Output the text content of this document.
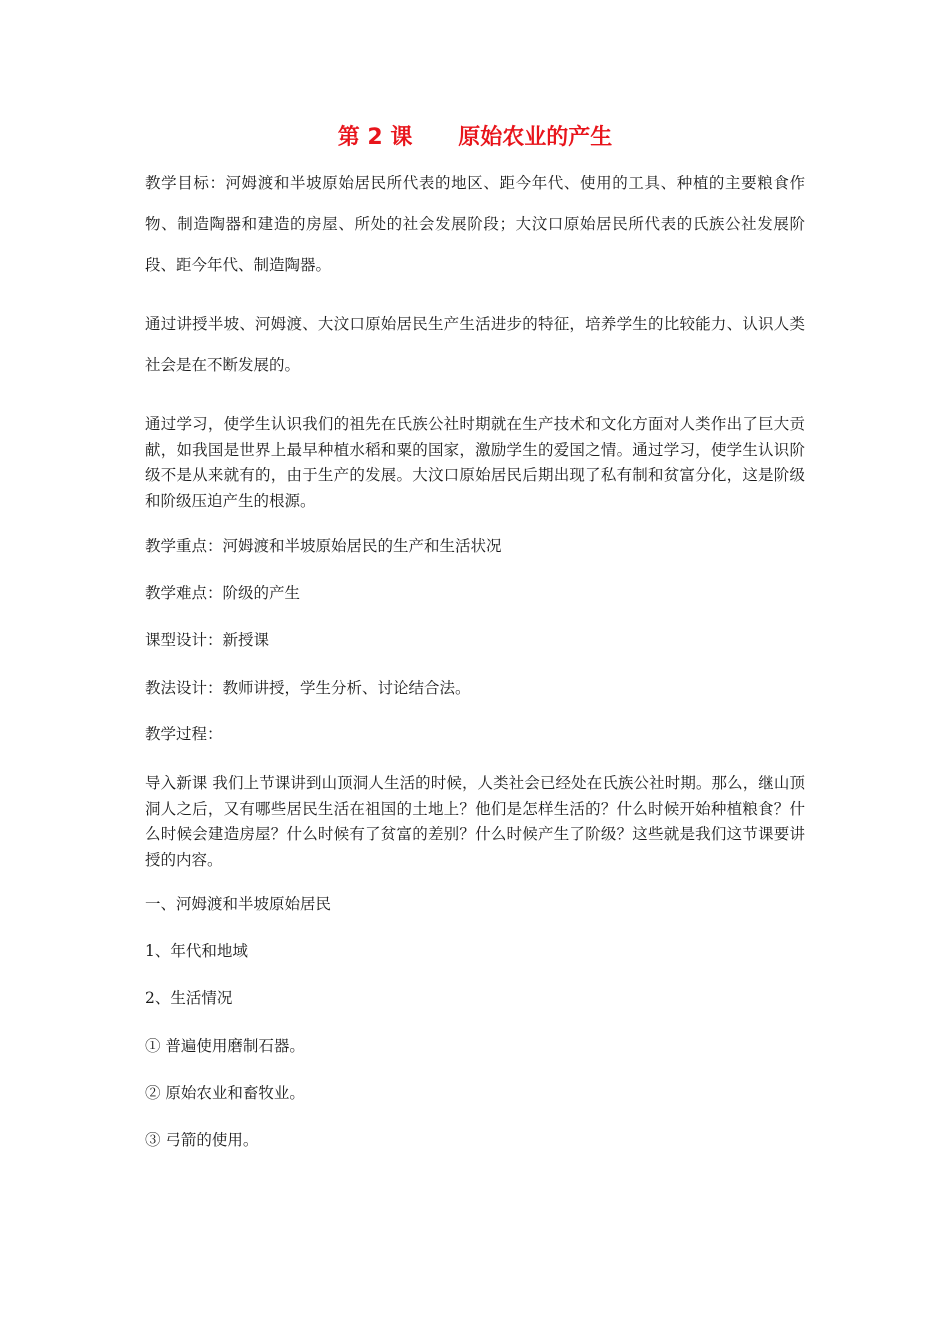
第 2 课      原始农业的产生

教学目标：河姆渡和半坡原始居民所代表的地区、距今年代、使用的工具、种植的主要粮食作物、制造陶器和建造的房屋、所处的社会发展阶段；大汶口原始居民所代表的氏族公社发展阶段、距今年代、制造陶器。

通过讲授半坡、河姆渡、大汶口原始居民生产生活进步的特征，培养学生的比较能力、认识人类社会是在不断发展的。

通过学习，使学生认识我们的祖先在氏族公社时期就在生产技术和文化方面对人类作出了巨大贡献，如我国是世界上最早种植水稻和粟的国家，激励学生的爱国之情。通过学习，使学生认识阶级不是从来就有的，由于生产的发展。大汶口原始居民后期出现了私有制和贫富分化，这是阶级和阶级压迫产生的根源。

教学重点：河姆渡和半坡原始居民的生产和生活状况

教学难点：阶级的产生

课型设计：新授课

教法设计：教师讲授，学生分析、讨论结合法。

教学过程：

导入新课 我们上节课讲到山顶洞人生活的时候，人类社会已经处在氏族公社时期。那么，继山顶洞人之后，又有哪些居民生活在祖国的土地上？他们是怎样生活的？什么时候开始种植粮食？什么时候会建造房屋？什么时候有了贫富的差别？什么时候产生了阶级？这些就是我们这节课要讲授的内容。

一、河姆渡和半坡原始居民

1、年代和地域

2、生活情况

① 普遍使用磨制石器。

② 原始农业和畜牧业。

③ 弓箭的使用。
